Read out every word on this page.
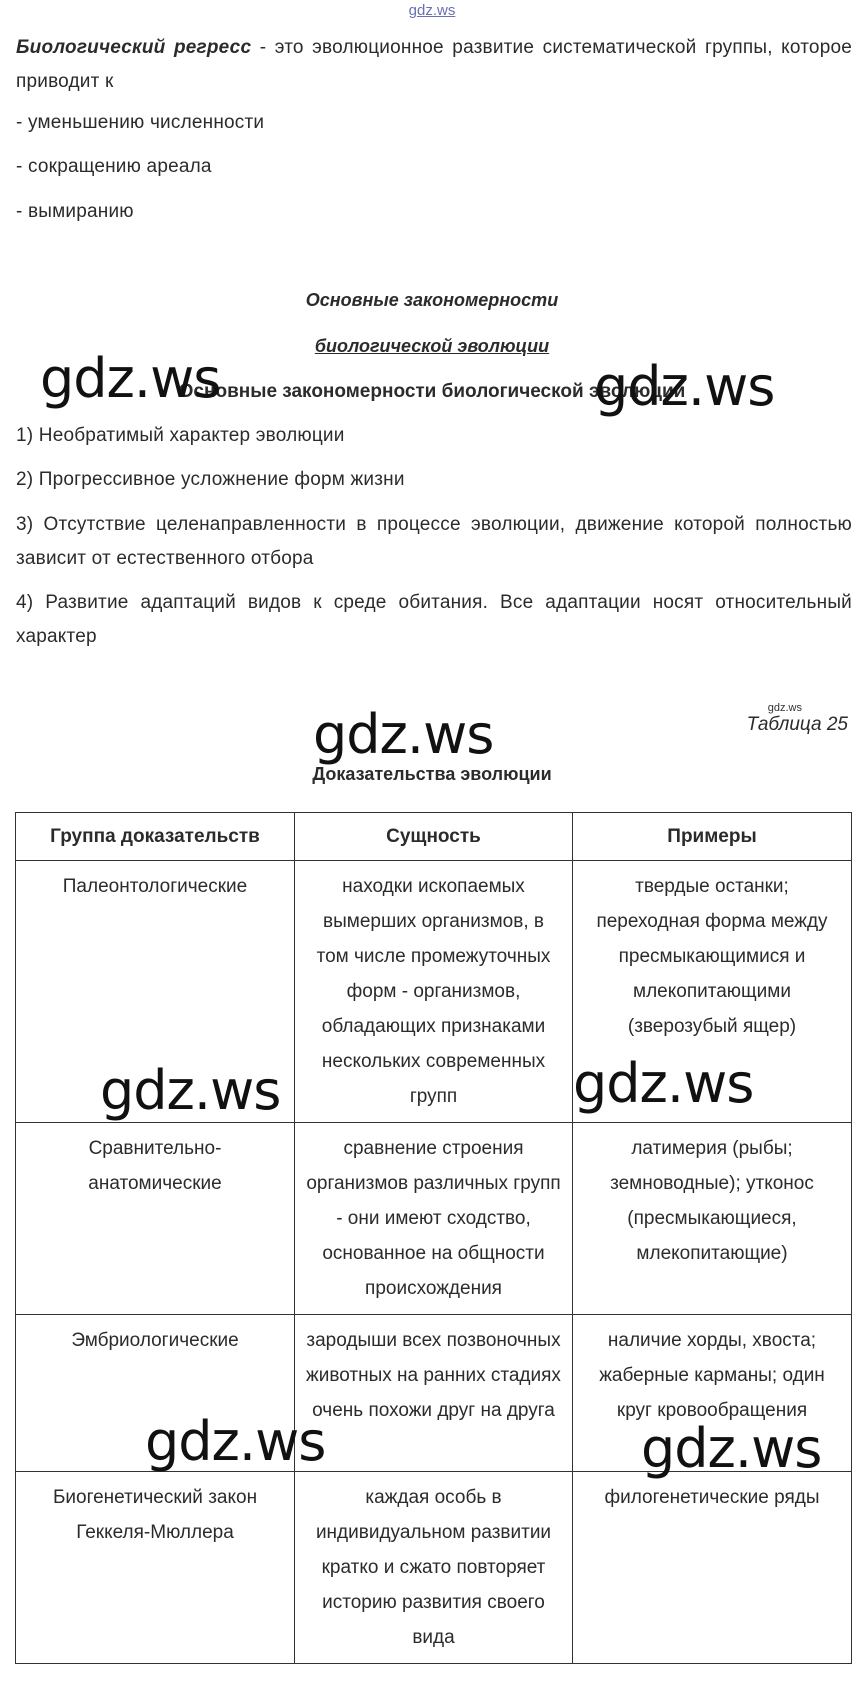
gdz.ws
Биологический регресс - это эволюционное развитие систематической группы, которое приводит к
- уменьшению численности
- сокращению ареала
- вымиранию
Основные закономерности
биологической эволюции
Основные закономерности биологической эволюции
1) Необратимый характер эволюции
2) Прогрессивное усложнение форм жизни
3) Отсутствие целенаправленности в процессе эволюции, движение которой полностью зависит от естественного отбора
4) Развитие адаптаций видов к среде обитания. Все адаптации носят относительный характер
gdz.ws
Таблица 25
Доказательства эволюции
Группа доказательств	Сущность	Примеры
Палеонтологические	находки ископаемых вымерших организмов, в том числе промежуточных форм - организмов, обладающих признаками нескольких современных групп	твердые останки; переходная форма между пресмыкающимися и млекопитающими (зверозубый ящер)
Сравнительно-анатомические	сравнение строения организмов различных групп - они имеют сходство, основанное на общности происхождения	латимерия (рыбы; земноводные); утконос (пресмыкающиеся, млекопитающие)
Эмбриологические	зародыши всех позвоночных животных на ранних стадиях очень похожи друг на друга	наличие хорды, хвоста; жаберные карманы; один круг кровообращения
Биогенетический закон Геккеля-Мюллера	каждая особь в индивидуальном развитии кратко и сжато повторяет историю развития своего вида	филогенетические ряды
gdz.ws	gdz.ws
gdz.ws
gdz.ws	gdz.ws
gdz.ws	gdz.ws
